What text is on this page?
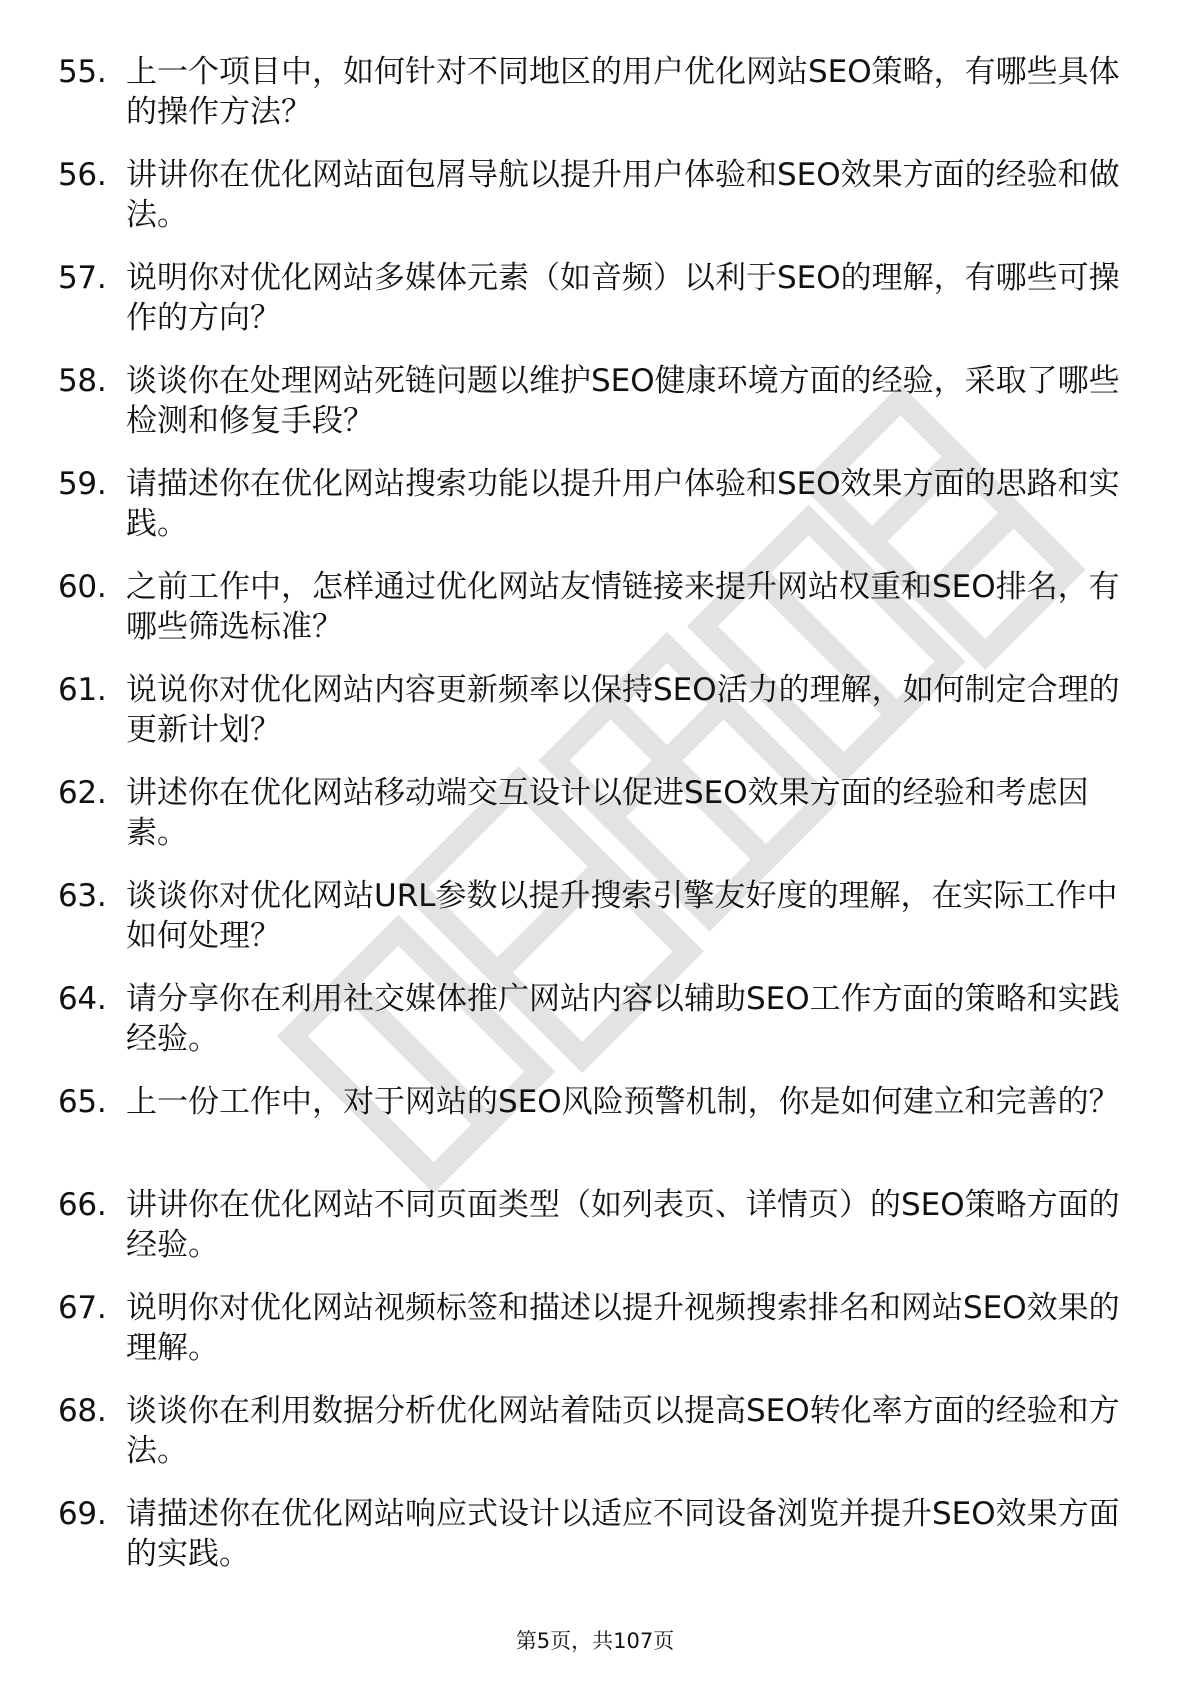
55. 上一个项目中，如何针对不同地区的用户优化网站SEO策略，有哪些具体的操作方法？
56. 讲讲你在优化网站面包屑导航以提升用户体验和SEO效果方面的经验和做法。
57. 说明你对优化网站多媒体元素（如音频）以利于SEO的理解，有哪些可操作的方向？
58. 谈谈你在处理网站死链问题以维护SEO健康环境方面的经验，采取了哪些检测和修复手段？
59. 请描述你在优化网站搜索功能以提升用户体验和SEO效果方面的思路和实践。
60. 之前工作中，怎样通过优化网站友情链接来提升网站权重和SEO排名，有哪些筛选标准？
61. 说说你对优化网站内容更新频率以保持SEO活力的理解，如何制定合理的更新计划？
62. 讲述你在优化网站移动端交互设计以促进SEO效果方面的经验和考虑因素。
63. 谈谈你对优化网站URL参数以提升搜索引擎友好度的理解，在实际工作中如何处理？
64. 请分享你在利用社交媒体推广网站内容以辅助SEO工作方面的策略和实践经验。
65. 上一份工作中，对于网站的SEO风险预警机制，你是如何建立和完善的？
66. 讲讲你在优化网站不同页面类型（如列表页、详情页）的SEO策略方面的经验。
67. 说明你对优化网站视频标签和描述以提升视频搜索排名和网站SEO效果的理解。
68. 谈谈你在利用数据分析优化网站着陆页以提高SEO转化率方面的经验和方法。
69. 请描述你在优化网站响应式设计以适应不同设备浏览并提升SEO效果方面的实践。
第5页，共107页
